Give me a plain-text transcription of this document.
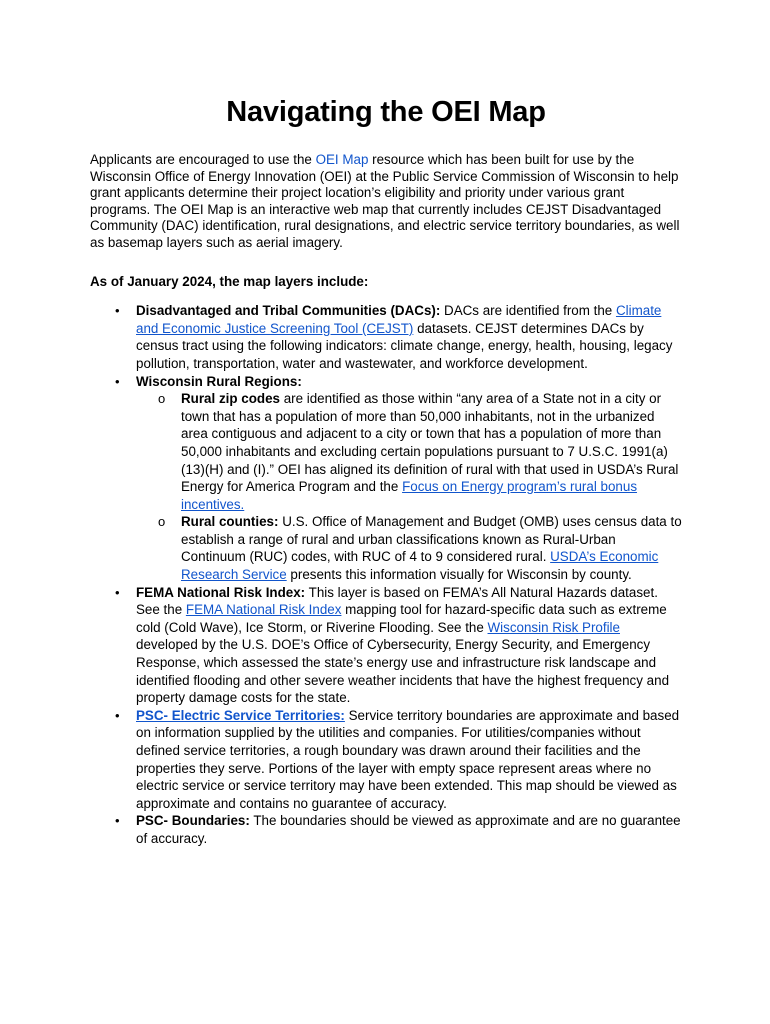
Navigating the OEI Map

Applicants are encouraged to use the OEI Map resource which has been built for use by the Wisconsin Office of Energy Innovation (OEI) at the Public Service Commission of Wisconsin to help grant applicants determine their project location’s eligibility and priority under various grant programs. The OEI Map is an interactive web map that currently includes CEJST Disadvantaged Community (DAC) identification, rural designations, and electric service territory boundaries, as well as basemap layers such as aerial imagery.

As of January 2024, the map layers include:
• Disadvantaged and Tribal Communities (DACs): DACs are identified from the Climate and Economic Justice Screening Tool (CEJST) datasets. CEJST determines DACs by census tract using the following indicators: climate change, energy, health, housing, legacy pollution, transportation, water and wastewater, and workforce development.
• Wisconsin Rural Regions:
o Rural zip codes are identified as those within “any area of a State not in a city or town that has a population of more than 50,000 inhabitants, not in the urbanized area contiguous and adjacent to a city or town that has a population of more than 50,000 inhabitants and excluding certain populations pursuant to 7 U.S.C. 1991(a)(13)(H) and (I).” OEI has aligned its definition of rural with that used in USDA’s Rural Energy for America Program and the Focus on Energy program’s rural bonus incentives.
o Rural counties: U.S. Office of Management and Budget (OMB) uses census data to establish a range of rural and urban classifications known as Rural-Urban Continuum (RUC) codes, with RUC of 4 to 9 considered rural. USDA’s Economic Research Service presents this information visually for Wisconsin by county.
• FEMA National Risk Index: This layer is based on FEMA’s All Natural Hazards dataset. See the FEMA National Risk Index mapping tool for hazard-specific data such as extreme cold (Cold Wave), Ice Storm, or Riverine Flooding. See the Wisconsin Risk Profile developed by the U.S. DOE’s Office of Cybersecurity, Energy Security, and Emergency Response, which assessed the state’s energy use and infrastructure risk landscape and identified flooding and other severe weather incidents that have the highest frequency and property damage costs for the state.
• PSC- Electric Service Territories: Service territory boundaries are approximate and based on information supplied by the utilities and companies. For utilities/companies without defined service territories, a rough boundary was drawn around their facilities and the properties they serve. Portions of the layer with empty space represent areas where no electric service or service territory may have been extended. This map should be viewed as approximate and contains no guarantee of accuracy.
• PSC- Boundaries: The boundaries should be viewed as approximate and are no guarantee of accuracy.
